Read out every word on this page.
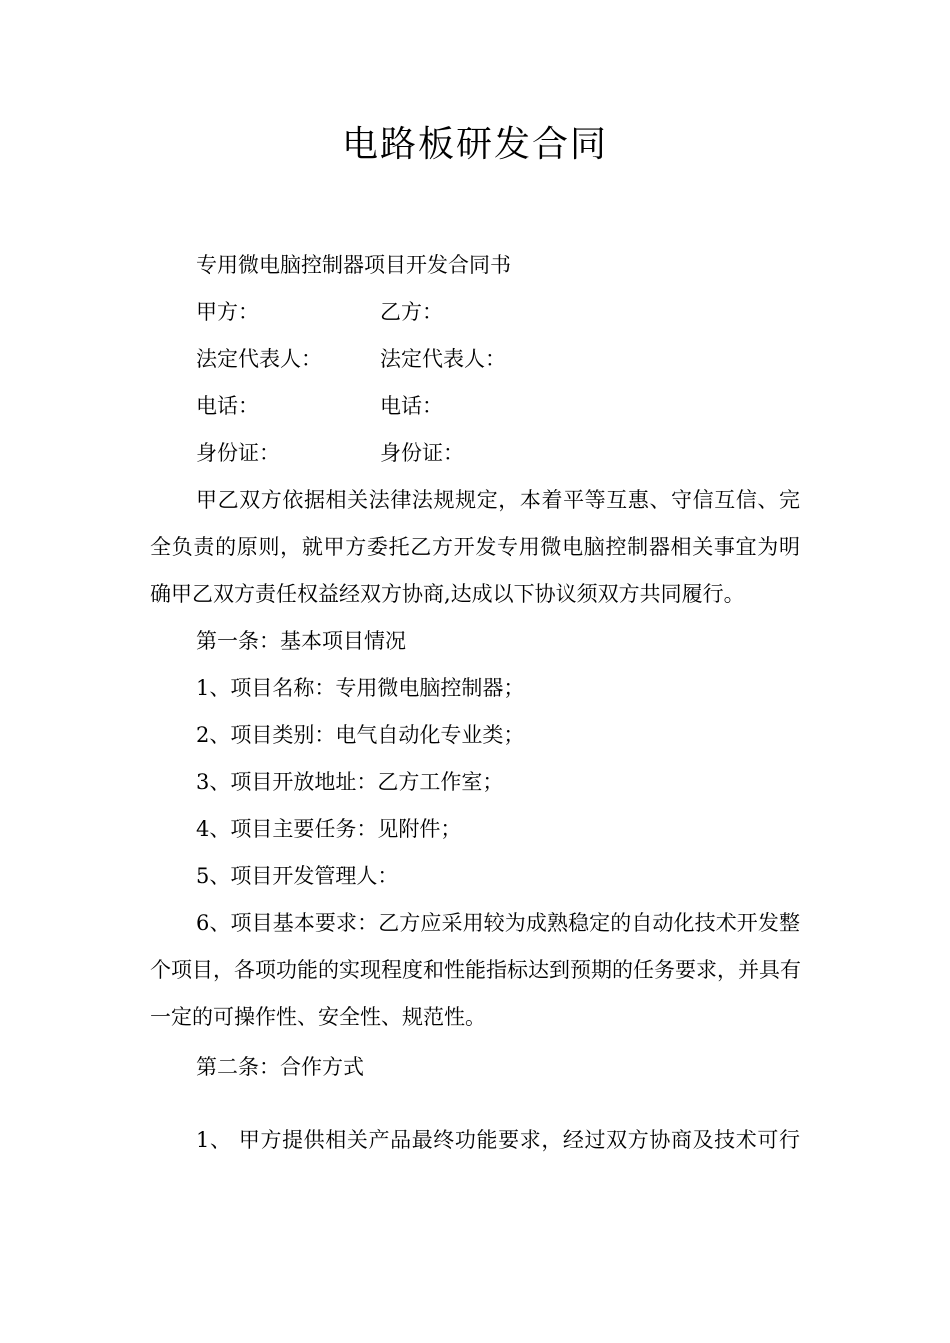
电路板研发合同
专用微电脑控制器项目开发合同书
甲方：	乙方：
法定代表人：	法定代表人：
电话：	电话：
身份证：	身份证：
甲乙双方依据相关法律法规规定，本着平等互惠、守信互信、完
全负责的原则，就甲方委托乙方开发专用微电脑控制器相关事宜为明
确甲乙双方责任权益经双方协商,达成以下协议须双方共同履行。
第一条：基本项目情况
1、项目名称：专用微电脑控制器；
2、项目类别：电气自动化专业类；
3、项目开放地址：乙方工作室；
4、项目主要任务：见附件；
5、项目开发管理人：
6、项目基本要求：乙方应采用较为成熟稳定的自动化技术开发整
个项目，各项功能的实现程度和性能指标达到预期的任务要求，并具有
一定的可操作性、安全性、规范性。
第二条：合作方式
1、 甲方提供相关产品最终功能要求，经过双方协商及技术可行
